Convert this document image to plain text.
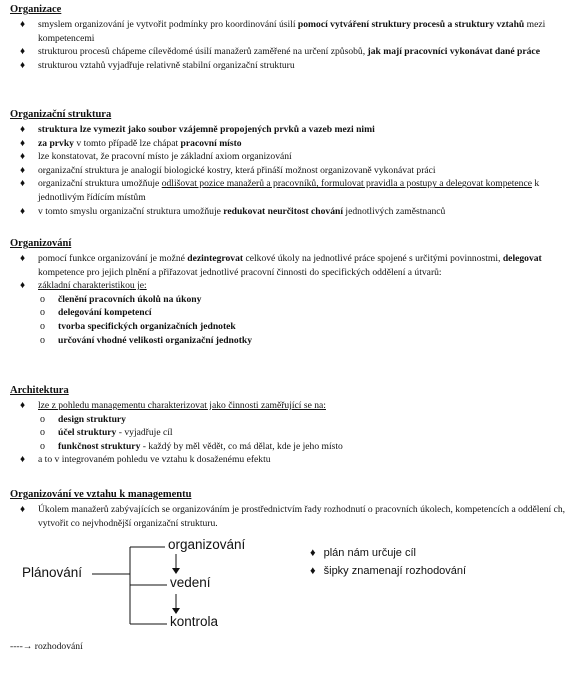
Organizace
♦ smyslem organizování je vytvořit podmínky pro koordinování úsilí pomocí vytváření struktury procesů a struktury vztahů mezi kompetencemi
♦ strukturou procesů chápeme cílevědomé úsilí manažerů zaměřené na určení způsobů, jak mají pracovníci vykonávat dané práce
♦ strukturou vztahů vyjadřuje relativně stabilní organizační strukturu
Organizační struktura
♦ struktura lze vymezit jako soubor vzájemně propojených prvků a vazeb mezi nimi
♦ za prvky v tomto případě lze chápat pracovní místo
♦ lze konstatovat, že pracovní místo je základní axiom organizování
♦ organizační struktura je analogií biologické kostry, která přináší možnost organizovaně vykonávat práci
♦ organizační struktura umožňuje odlišovat pozice manažerů a pracovníků, formulovat pravidla a postupy a delegovat kompetence k jednotlivým řídícím místům
♦ v tomto smyslu organizační struktura umožňuje redukovat neurčitost chování jednotlivých zaměstnanců
Organizování
♦ pomocí funkce organizování je možné dezintegrovat celkové úkoly na jednotlivé práce spojené s určitými povinnostmi, delegovat kompetence pro jejich plnění a přiřazovat jednotlivé pracovní činnosti do specifických oddělení a útvarů:
♦ základní charakteristikou je:
o členění pracovních úkolů na úkony
o delegování kompetencí
o tvorba specifických organizačních jednotek
o určování vhodné velikosti organizační jednotky
Architektura
♦ lze z pohledu managementu charakterizovat jako činnosti zaměřující se na:
o design struktury
o účel struktury - vyjadřuje cíl
o funkčnost struktury - každý by měl vědět, co má dělat, kde je jeho místo
♦ a to v integrovaném pohledu ve vztahu k dosaženému efektu
Organizování ve vztahu k managementu
♦ Úkolem manažerů zabývajících se organizováním je prostřednictvím řady rozhodnutí o pracovních úkolech, kompetencích a oddělení ch, vytvořit co nejvhodnější organizační strukturu.
Plánování
organizování
vedení
kontrola
♦ plán nám určuje cíl
♦ šipky znamenají rozhodování
----→ rozhodování
